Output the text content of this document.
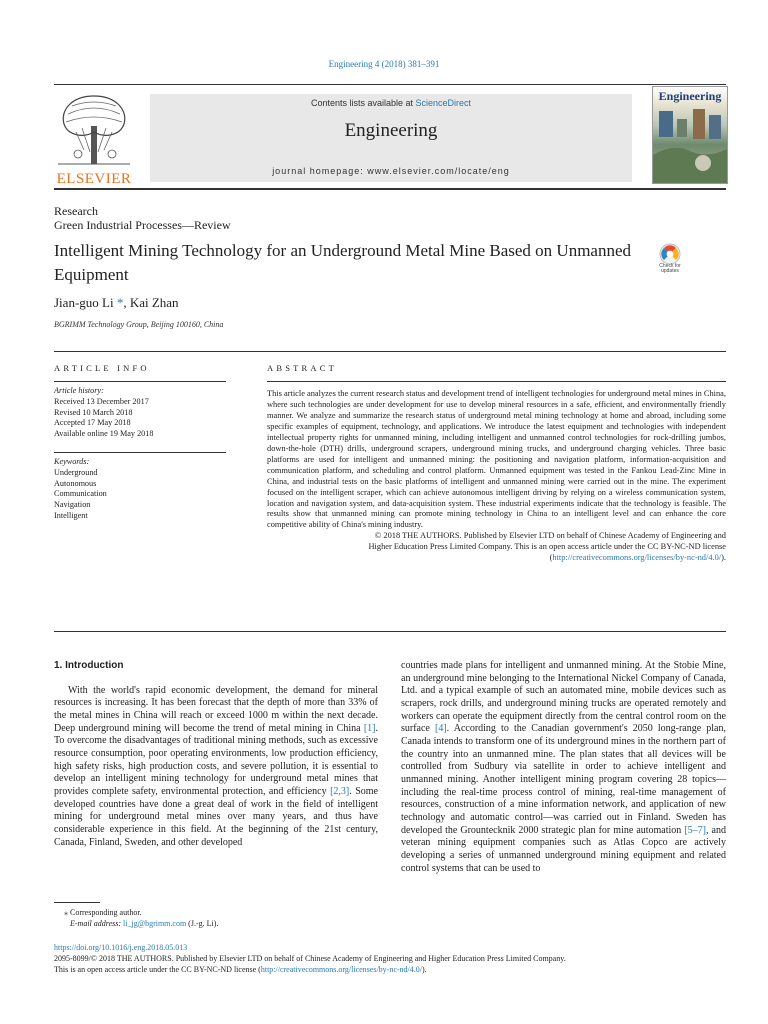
Engineering 4 (2018) 381–391
ELSEVIER
Contents lists available at ScienceDirect
Engineering
journal homepage: www.elsevier.com/locate/eng
Engineering
Research
Green Industrial Processes—Review
Intelligent Mining Technology for an Underground Metal Mine Based on Unmanned Equipment	Check for
updates
Jian-guo Li *, Kai Zhan
BGRIMM Technology Group, Beijing 100160, China
ARTICLE INFO	ABSTRACT
Article history:
Received 13 December 2017
Revised 10 March 2018
Accepted 17 May 2018
Available online 19 May 2018
Keywords:
Underground
Autonomous
Communication
Navigation
Intelligent
This article analyzes the current research status and development trend of intelligent technologies for underground metal mines in China, where such technologies are under development for use to develop mineral resources in a safe, efficient, and environmentally friendly manner. We analyze and summarize the research status of underground metal mining technology at home and abroad, including some specific examples of equipment, technology, and applications. We introduce the latest equipment and technologies with independent intellectual property rights for unmanned mining, including intelligent and unmanned control technologies for rock-drilling jumbos, down-the-hole (DTH) drills, underground scrapers, underground mining trucks, and underground charging vehicles. Three basic platforms are used for intelligent and unmanned mining: the positioning and navigation platform, information-acquisition and communication platform, and scheduling and control platform. Unmanned equipment was tested in the Fankou Lead-Zinc Mine in China, and industrial tests on the basic platforms of intelligent and unmanned mining were carried out in the mine. The experiment focused on the intelligent scraper, which can achieve autonomous intelligent driving by relying on a wireless communication system, location and navigation system, and data-acquisition system. These industrial experiments indicate that the technology is feasible. The results show that unmanned mining can promote mining technology in China to an intelligent level and can enhance the core competitive ability of China's mining industry.
© 2018 THE AUTHORS. Published by Elsevier LTD on behalf of Chinese Academy of Engineering and
Higher Education Press Limited Company. This is an open access article under the CC BY-NC-ND license
(http://creativecommons.org/licenses/by-nc-nd/4.0/).

1. Introduction

With the world's rapid economic development, the demand for mineral resources is increasing. It has been forecast that the depth of more than 33% of the metal mines in China will reach or exceed 1000 m within the next decade. Deep underground mining will become the trend of metal mining in China [1]. To overcome the disadvantages of traditional mining methods, such as excessive resource consumption, poor operating environments, low production efficiency, high safety risks, high production costs, and severe pollution, it is essential to develop an intelligent mining technology for underground metal mines that provides complete safety, environmental protection, and efficiency [2,3]. Some developed countries have done a great deal of work in the field of intelligent mining for underground metal mines over many years, and thus have considerable experience in this field. At the beginning of the 21st century, Canada, Finland, Sweden, and other developed

countries made plans for intelligent and unmanned mining. At the Stobie Mine, an underground mine belonging to the International Nickel Company of Canada, Ltd. and a typical example of such an automated mine, mobile devices such as scrapers, rock drills, and underground mining trucks are operated remotely and workers can operate the equipment directly from the central control room on the surface [4]. According to the Canadian government's 2050 long-range plan, Canada intends to transform one of its underground mines in the northern part of the country into an unmanned mine. The plan states that all devices will be controlled from Sudbury via satellite in order to achieve intelligent and unmanned mining. Another intelligent mining program covering 28 topics—including the real-time process control of mining, real-time management of resources, construction of a mine information network, and application of new technology and automatic control—was carried out in Finland. Sweden has developed the Grountecknik 2000 strategic plan for mine automation [5–7], and veteran mining equipment companies such as Atlas Copco are actively developing a series of unmanned underground mining equipment and related control systems that can be used to

⁎ Corresponding author.
E-mail address: li_jg@bgrimm.com (J.-g. Li).
https://doi.org/10.1016/j.eng.2018.05.013
2095-8099/© 2018 THE AUTHORS. Published by Elsevier LTD on behalf of Chinese Academy of Engineering and Higher Education Press Limited Company.
This is an open access article under the CC BY-NC-ND license (http://creativecommons.org/licenses/by-nc-nd/4.0/).
